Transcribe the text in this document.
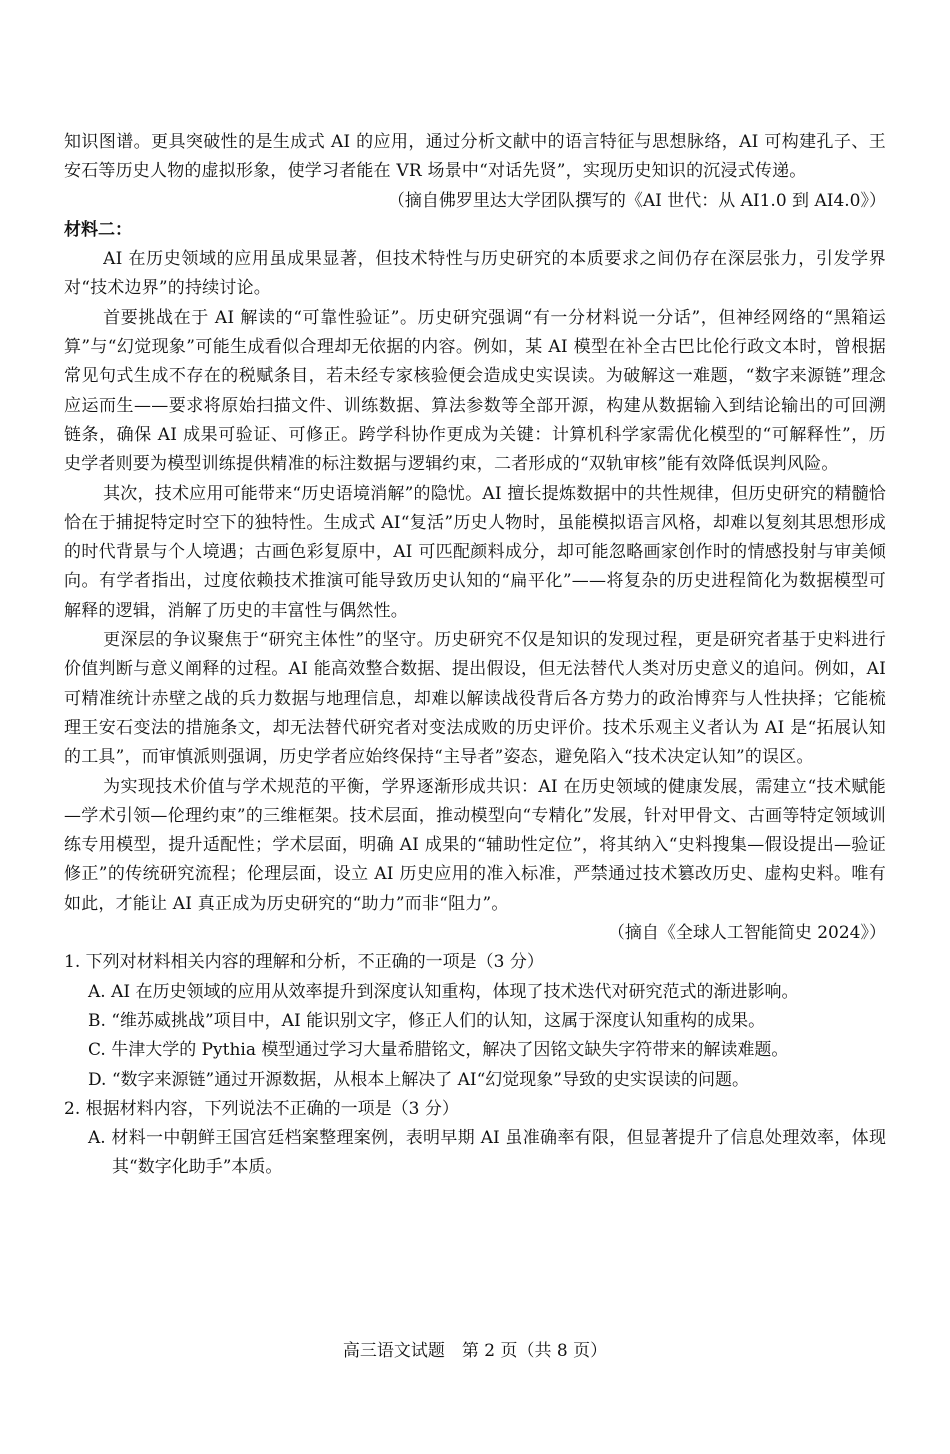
知识图谱。更具突破性的是生成式 AI 的应用，通过分析文献中的语言特征与思想脉络，AI 可构建孔子、王安石等历史人物的虚拟形象，使学习者能在 VR 场景中“对话先贤”，实现历史知识的沉浸式传递。

（摘自佛罗里达大学团队撰写的《AI 世代：从 AI1.0 到 AI4.0》）

材料二：

AI 在历史领域的应用虽成果显著，但技术特性与历史研究的本质要求之间仍存在深层张力，引发学界对“技术边界”的持续讨论。

首要挑战在于 AI 解读的“可靠性验证”。历史研究强调“有一分材料说一分话”，但神经网络的“黑箱运算”与“幻觉现象”可能生成看似合理却无依据的内容。例如，某 AI 模型在补全古巴比伦行政文本时，曾根据常见句式生成不存在的税赋条目，若未经专家核验便会造成史实误读。为破解这一难题，“数字来源链”理念应运而生——要求将原始扫描文件、训练数据、算法参数等全部开源，构建从数据输入到结论输出的可回溯链条，确保 AI 成果可验证、可修正。跨学科协作更成为关键：计算机科学家需优化模型的“可解释性”，历史学者则要为模型训练提供精准的标注数据与逻辑约束，二者形成的“双轨审核”能有效降低误判风险。

其次，技术应用可能带来“历史语境消解”的隐忧。AI 擅长提炼数据中的共性规律，但历史研究的精髓恰恰在于捕捉特定时空下的独特性。生成式 AI“复活”历史人物时，虽能模拟语言风格，却难以复刻其思想形成的时代背景与个人境遇；古画色彩复原中，AI 可匹配颜料成分，却可能忽略画家创作时的情感投射与审美倾向。有学者指出，过度依赖技术推演可能导致历史认知的“扁平化”——将复杂的历史进程简化为数据模型可解释的逻辑，消解了历史的丰富性与偶然性。

更深层的争议聚焦于“研究主体性”的坚守。历史研究不仅是知识的发现过程，更是研究者基于史料进行价值判断与意义阐释的过程。AI 能高效整合数据、提出假设，但无法替代人类对历史意义的追问。例如，AI 可精准统计赤壁之战的兵力数据与地理信息，却难以解读战役背后各方势力的政治博弈与人性抉择；它能梳理王安石变法的措施条文，却无法替代研究者对变法成败的历史评价。技术乐观主义者认为 AI 是“拓展认知的工具”，而审慎派则强调，历史学者应始终保持“主导者”姿态，避免陷入“技术决定认知”的误区。

为实现技术价值与学术规范的平衡，学界逐渐形成共识：AI 在历史领域的健康发展，需建立“技术赋能—学术引领—伦理约束”的三维框架。技术层面，推动模型向“专精化”发展，针对甲骨文、古画等特定领域训练专用模型，提升适配性；学术层面，明确 AI 成果的“辅助性定位”，将其纳入“史料搜集—假设提出—验证修正”的传统研究流程；伦理层面，设立 AI 历史应用的准入标准，严禁通过技术篡改历史、虚构史料。唯有如此，才能让 AI 真正成为历史研究的“助力”而非“阻力”。

（摘自《全球人工智能简史 2024》）

1. 下列对材料相关内容的理解和分析，不正确的一项是（3 分）

A. AI 在历史领域的应用从效率提升到深度认知重构，体现了技术迭代对研究范式的渐进影响。

B. “维苏威挑战”项目中，AI 能识别文字，修正人们的认知，这属于深度认知重构的成果。

C. 牛津大学的 Pythia 模型通过学习大量希腊铭文，解决了因铭文缺失字符带来的解读难题。

D. “数字来源链”通过开源数据，从根本上解决了 AI“幻觉现象”导致的史实误读的问题。

2. 根据材料内容，下列说法不正确的一项是（3 分）

A. 材料一中朝鲜王国宫廷档案整理案例，表明早期 AI 虽准确率有限，但显著提升了信息处理效率，体现其“数字化助手”本质。

高三语文试题　第 2 页（共 8 页）
